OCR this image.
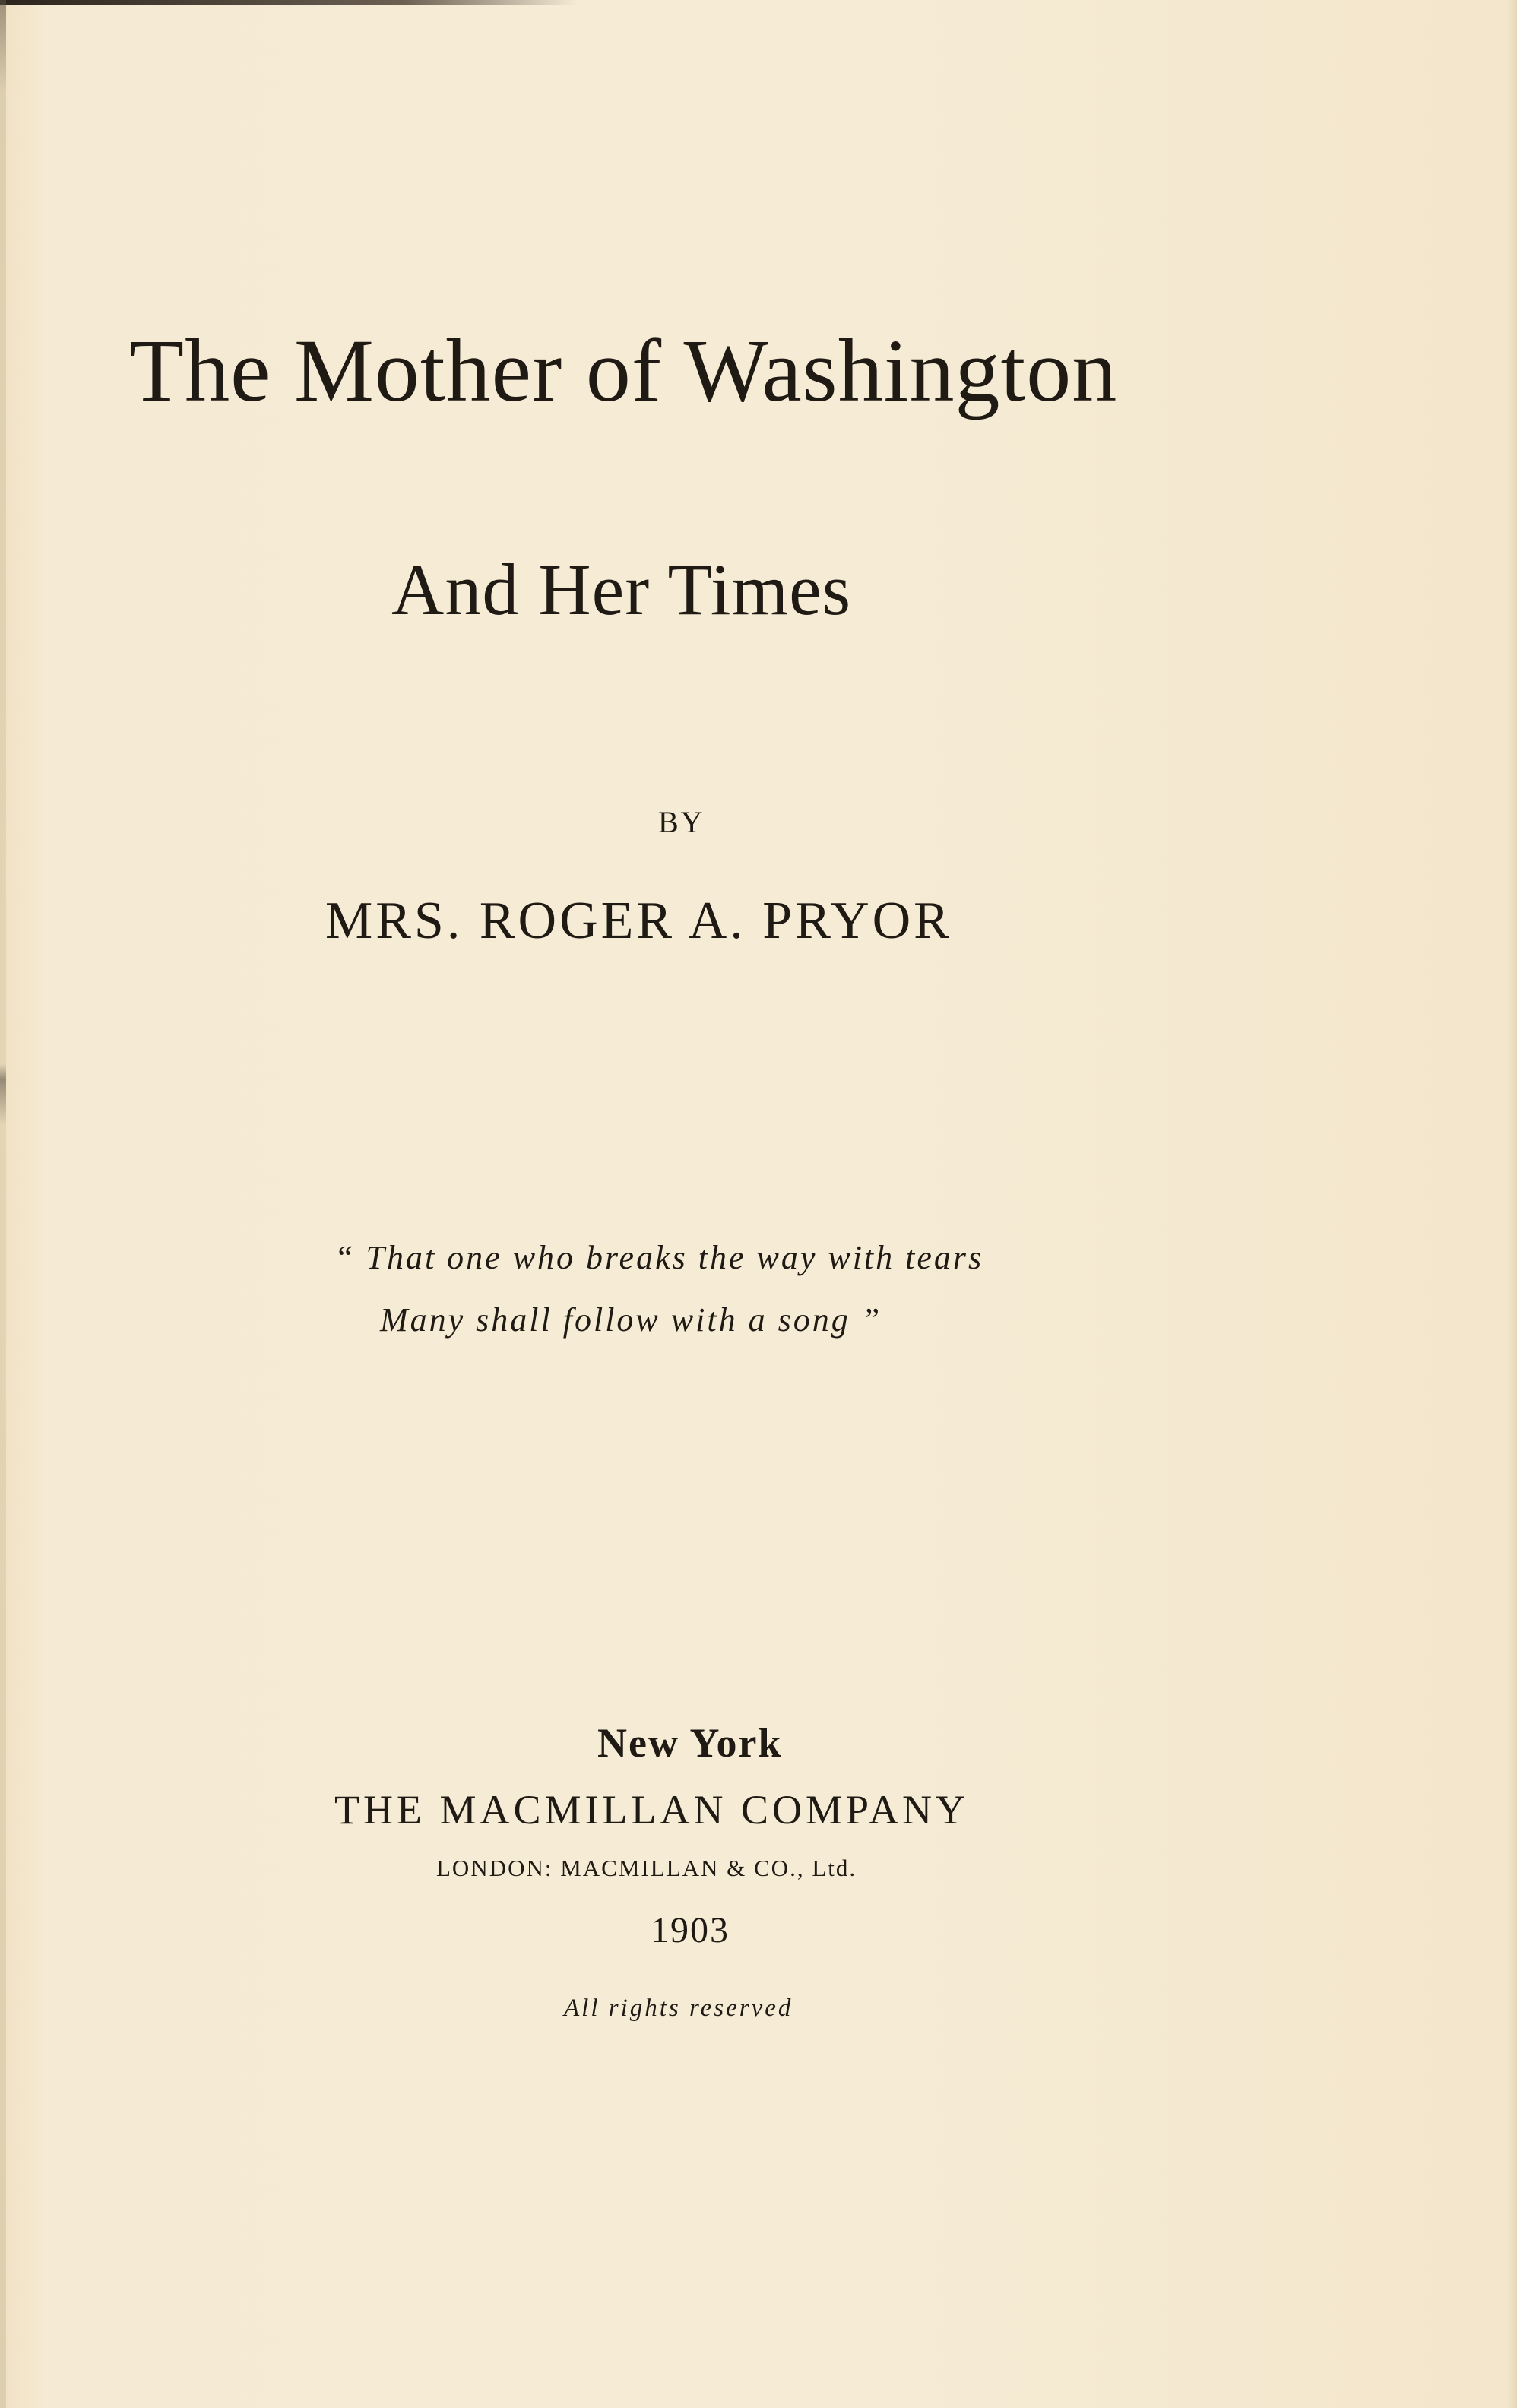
The Mother of Washington
And Her Times
BY
MRS. ROGER A. PRYOR
“ That one who breaks the way with tears
Many shall follow with a song ”
New York
THE MACMILLAN COMPANY
LONDON: MACMILLAN & CO., Ltd.
1903
All rights reserved
